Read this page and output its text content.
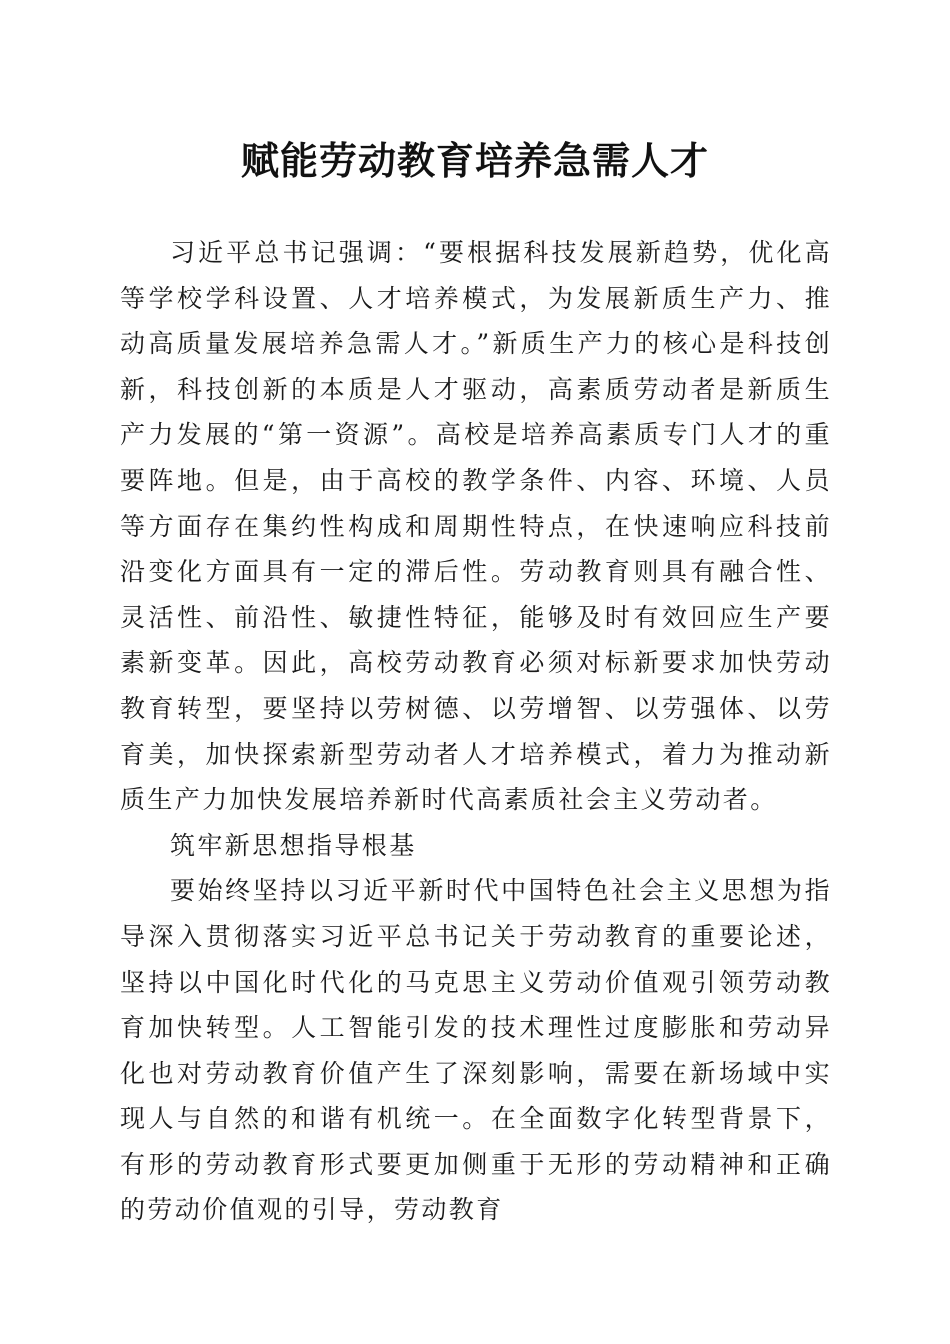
赋能劳动教育培养急需人才

习近平总书记强调：“要根据科技发展新趋势，优化高等学校学科设置、人才培养模式，为发展新质生产力、推动高质量发展培养急需人才。”新质生产力的核心是科技创新，科技创新的本质是人才驱动，高素质劳动者是新质生产力发展的“第一资源”。高校是培养高素质专门人才的重要阵地。但是，由于高校的教学条件、内容、环境、人员等方面存在集约性构成和周期性特点，在快速响应科技前沿变化方面具有一定的滞后性。劳动教育则具有融合性、灵活性、前沿性、敏捷性特征，能够及时有效回应生产要素新变革。因此，高校劳动教育必须对标新要求加快劳动教育转型，要坚持以劳树德、以劳增智、以劳强体、以劳育美，加快探索新型劳动者人才培养模式，着力为推动新质生产力加快发展培养新时代高素质社会主义劳动者。

筑牢新思想指导根基

要始终坚持以习近平新时代中国特色社会主义思想为指导深入贯彻落实习近平总书记关于劳动教育的重要论述，坚持以中国化时代化的马克思主义劳动价值观引领劳动教育加快转型。人工智能引发的技术理性过度膨胀和劳动异化也对劳动教育价值产生了深刻影响，需要在新场域中实现人与自然的和谐有机统一。在全面数字化转型背景下，有形的劳动教育形式要更加侧重于无形的劳动精神和正确的劳动价值观的引导，劳动教育
